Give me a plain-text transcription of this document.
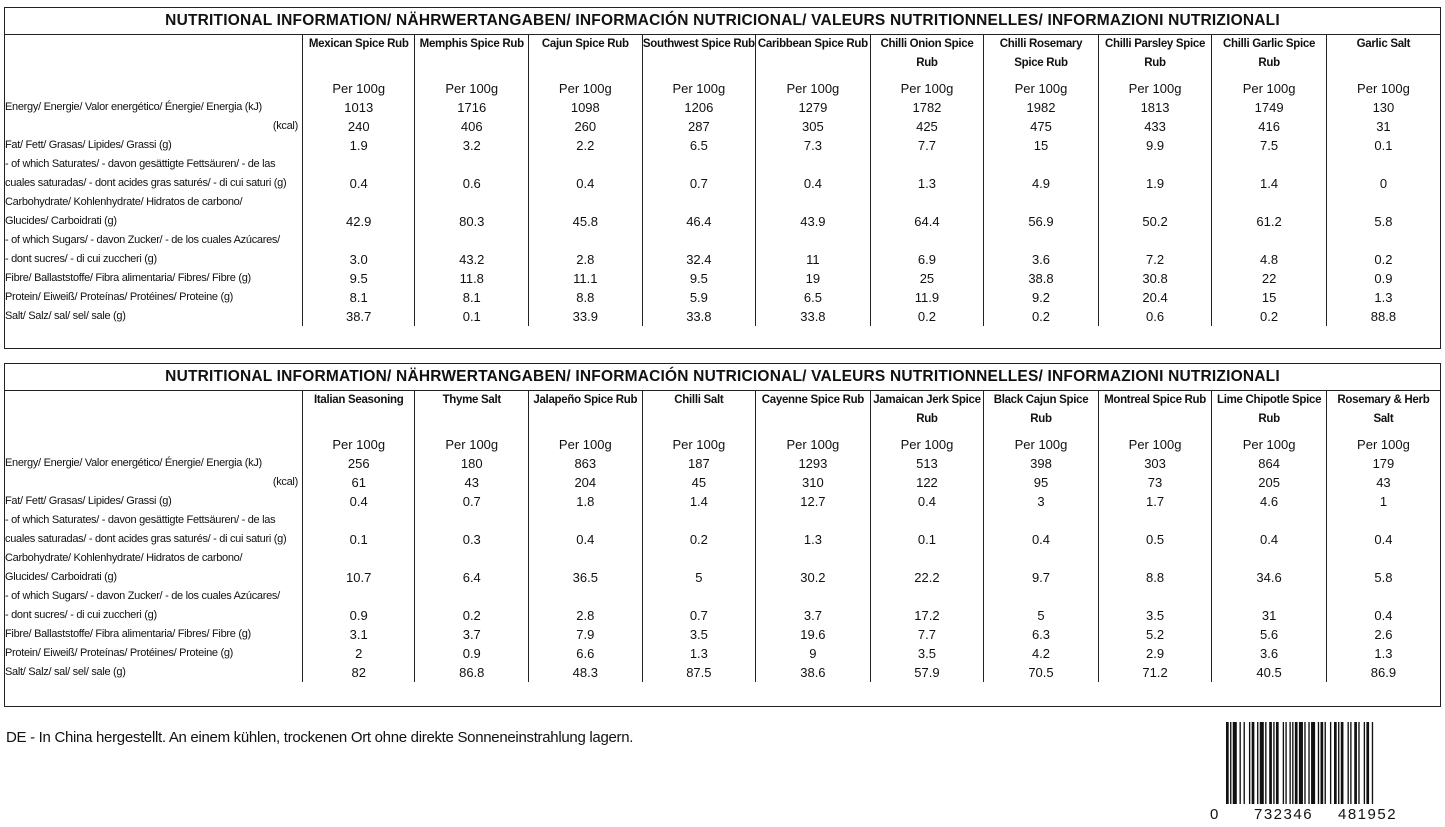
NUTRITIONAL INFORMATION/ NÄHRWERTANGABEN/ INFORMACIÓN NUTRICIONAL/ VALEURS NUTRITIONNELLES/ INFORMAZIONI NUTRIZIONALI
	Mexican Spice Rub	Memphis Spice Rub	Cajun Spice Rub	Southwest Spice Rub	Caribbean Spice Rub	Chilli Onion Spice Rub	Chilli Rosemary Spice Rub	Chilli Parsley Spice Rub	Chilli Garlic Spice Rub	Garlic Salt
	Per 100g	Per 100g	Per 100g	Per 100g	Per 100g	Per 100g	Per 100g	Per 100g	Per 100g	Per 100g

Energy/ Energie/ Valor energético/ Énergie/ Energia (kJ)	1013	1716	1098	1206	1279	1782	1982	1813	1749	130

(kcal)	240	406	260	287	305	425	475	433	416	31

Fat/ Fett/ Grasas/ Lipides/ Grassi (g)	1.9	3.2	2.2	6.5	7.3	7.7	15	9.9	7.5	0.1

- of which Saturates/ - davon gesättigte Fettsäuren/ - de las
cuales saturadas/ - dont acides gras saturés/ - di cui saturi (g)	0.4	0.6	0.4	0.7	0.4	1.3	4.9	1.9	1.4	0

Carbohydrate/ Kohlenhydrate/ Hidratos de carbono/
Glucides/ Carboidrati (g)	42.9	80.3	45.8	46.4	43.9	64.4	56.9	50.2	61.2	5.8

- of which Sugars/ - davon Zucker/ - de los cuales Azúcares/
- dont sucres/ - di cui zuccheri (g)	3.0	43.2	2.8	32.4	11	6.9	3.6	7.2	4.8	0.2

Fibre/ Ballaststoffe/ Fibra alimentaria/ Fibres/ Fibre (g)	9.5	11.8	11.1	9.5	19	25	38.8	30.8	22	0.9

Protein/ Eiweiß/ Proteínas/ Protéines/ Proteine (g)	8.1	8.1	8.8	5.9	6.5	11.9	9.2	20.4	15	1.3

Salt/ Salz/ sal/ sel/ sale (g)	38.7	0.1	33.9	33.8	33.8	0.2	0.2	0.6	0.2	88.8
NUTRITIONAL INFORMATION/ NÄHRWERTANGABEN/ INFORMACIÓN NUTRICIONAL/ VALEURS NUTRITIONNELLES/ INFORMAZIONI NUTRIZIONALI
	Italian Seasoning	Thyme Salt	Jalapeño Spice Rub	Chilli Salt	Cayenne Spice Rub	Jamaican Jerk Spice Rub	Black Cajun Spice Rub	Montreal Spice Rub	Lime Chipotle Spice Rub	Rosemary & Herb Salt
	Per 100g	Per 100g	Per 100g	Per 100g	Per 100g	Per 100g	Per 100g	Per 100g	Per 100g	Per 100g

Energy/ Energie/ Valor energético/ Énergie/ Energia (kJ)	256	180	863	187	1293	513	398	303	864	179

(kcal)	61	43	204	45	310	122	95	73	205	43

Fat/ Fett/ Grasas/ Lipides/ Grassi (g)	0.4	0.7	1.8	1.4	12.7	0.4	3	1.7	4.6	1

- of which Saturates/ - davon gesättigte Fettsäuren/ - de las
cuales saturadas/ - dont acides gras saturés/ - di cui saturi (g)	0.1	0.3	0.4	0.2	1.3	0.1	0.4	0.5	0.4	0.4

Carbohydrate/ Kohlenhydrate/ Hidratos de carbono/
Glucides/ Carboidrati (g)	10.7	6.4	36.5	5	30.2	22.2	9.7	8.8	34.6	5.8

- of which Sugars/ - davon Zucker/ - de los cuales Azúcares/
- dont sucres/ - di cui zuccheri (g)	0.9	0.2	2.8	0.7	3.7	17.2	5	3.5	31	0.4

Fibre/ Ballaststoffe/ Fibra alimentaria/ Fibres/ Fibre (g)	3.1	3.7	7.9	3.5	19.6	7.7	6.3	5.2	5.6	2.6

Protein/ Eiweiß/ Proteínas/ Protéines/ Proteine (g)	2	0.9	6.6	1.3	9	3.5	4.2	2.9	3.6	1.3

Salt/ Salz/ sal/ sel/ sale (g)	82	86.8	48.3	87.5	38.6	57.9	70.5	71.2	40.5	86.9
DE - In China hergestellt. An einem kühlen, trockenen Ort ohne direkte Sonneneinstrahlung lagern.
0 732346 481952
